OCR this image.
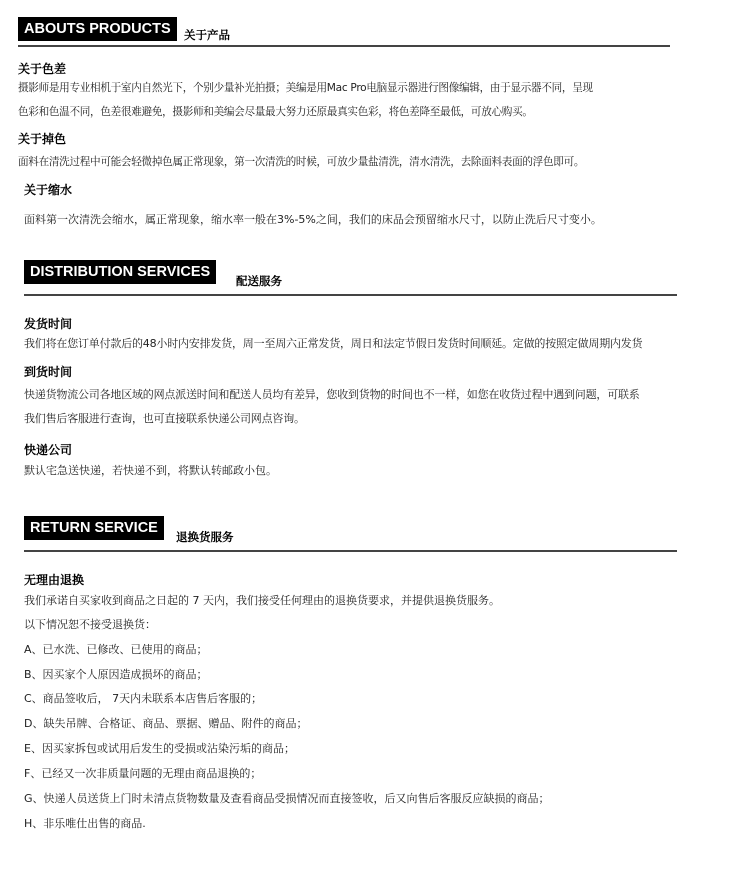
ABOUTS PRODUCTS	关于产品
关于色差
摄影师是用专业相机于室内自然光下，个别少量补光拍摄；美编是用Mac Pro电脑显示器进行图像编辑，由于显示器不同，呈现
色彩和色温不同，色差很难避免，摄影师和美编会尽量最大努力还原最真实色彩，将色差降至最低，可放心购买。
关于掉色
面料在清洗过程中可能会轻微掉色属正常现象，第一次清洗的时候，可放少量盐清洗，清水清洗，去除面料表面的浮色即可。
关于缩水
面料第一次清洗会缩水，属正常现象，缩水率一般在3%-5%之间，我们的床品会预留缩水尺寸，以防止洗后尺寸变小。
DISTRIBUTION SERVICES
配送服务
发货时间
我们将在您订单付款后的48小时内安排发货，周一至周六正常发货，周日和法定节假日发货时间顺延。定做的按照定做周期内发货
到货时间
快递货物流公司各地区域的网点派送时间和配送人员均有差异，您收到货物的时间也不一样，如您在收货过程中遇到问题，可联系
我们售后客服进行查询，也可直接联系快递公司网点咨询。
快递公司
默认宅急送快递，若快递不到，将默认转邮政小包。
RETURN SERVICE
退换货服务
无理由退换
我们承诺自买家收到商品之日起的 7 天内，我们接受任何理由的退换货要求，并提供退换货服务。
以下情况恕不接受退换货：
A、已水洗、已修改、已使用的商品；
B、因买家个人原因造成损坏的商品；
C、商品签收后， 7天内未联系本店售后客服的；
D、缺失吊牌、合格证、商品、票据、赠品、附件的商品；
E、因买家拆包或试用后发生的受损或沾染污垢的商品；
F、已经又一次非质量问题的无理由商品退换的；
G、快递人员送货上门时未清点货物数量及查看商品受损情况而直接签收，后又向售后客服反应缺损的商品；
H、非乐唯仕出售的商品.
